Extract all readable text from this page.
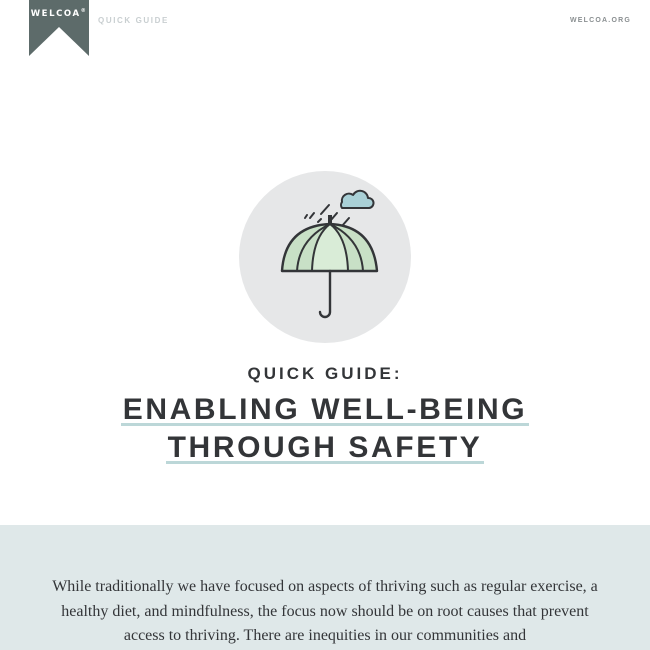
WELCOA®
QUICK GUIDE	WELCOA.ORG
QUICK GUIDE:
ENABLING WELL-BEING
THROUGH SAFETY

While traditionally we have focused on aspects of thriving such as regular exercise, a healthy diet, and mindfulness, the focus now should be on root causes that prevent access to thriving. There are inequities in our communities and
